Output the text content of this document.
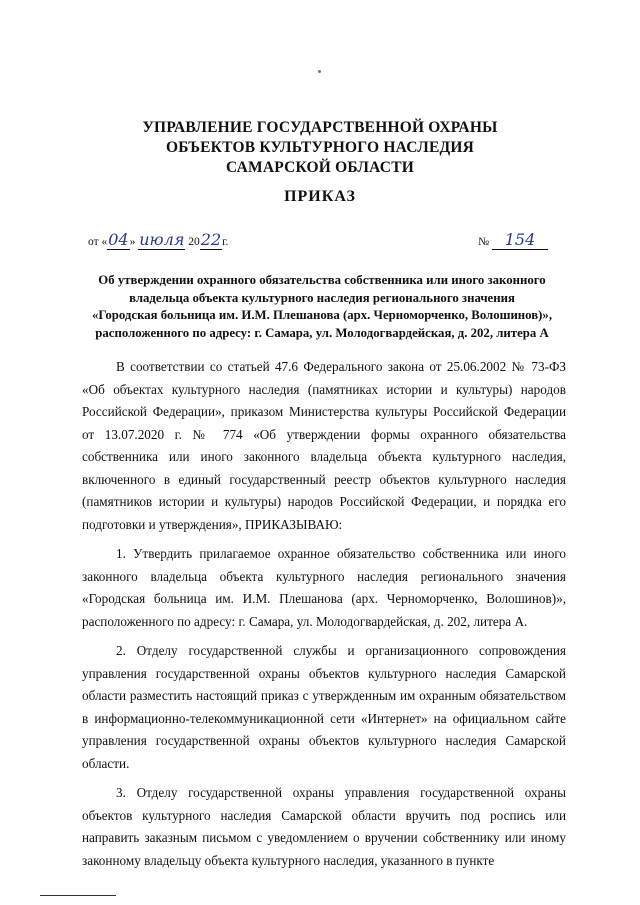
УПРАВЛЕНИЕ ГОСУДАРСТВЕННОЙ ОХРАНЫ
ОБЪЕКТОВ КУЛЬТУРНОГО НАСЛЕДИЯ
САМАРСКОЙ ОБЛАСТИ
ПРИКАЗ
от «04» июля 2022г.	№ 154
Об утверждении охранного обязательства собственника или иного законного
владельца объекта культурного наследия регионального значения
«Городская больница им. И.М. Плешанова (арх. Черноморченко, Волошинов)»,
расположенного по адресу: г. Самара, ул. Молодогвардейская, д. 202, литера А

В соответствии со статьей 47.6 Федерального закона от 25.06.2002 № 73-ФЗ «Об объектах культурного наследия (памятниках истории и культуры) народов Российской Федерации», приказом Министерства культуры Российской Федерации от 13.07.2020 г. № 774 «Об утверждении формы охранного обязательства собственника или иного законного владельца объекта культурного наследия, включенного в единый государственный реестр объектов культурного наследия (памятников истории и культуры) народов Российской Федерации, и порядка его подготовки и утверждения», ПРИКАЗЫВАЮ:

1. Утвердить прилагаемое охранное обязательство собственника или иного законного владельца объекта культурного наследия регионального значения «Городская больница им. И.М. Плешанова (арх. Черноморченко, Волошинов)», расположенного по адресу: г. Самара, ул. Молодогвардейская, д. 202, литера А.

2. Отделу государственной службы и организационного сопровождения управления государственной охраны объектов культурного наследия Самарской области разместить настоящий приказ с утвержденным им охранным обязательством в информационно-телекоммуникационной сети «Интернет» на официальном сайте управления государственной охраны объектов культурного наследия Самарской области.

3. Отделу государственной охраны управления государственной охраны объектов культурного наследия Самарской области вручить под роспись или направить заказным письмом с уведомлением о вручении собственнику или иному законному владельцу объекта культурного наследия, указанного в пункте
